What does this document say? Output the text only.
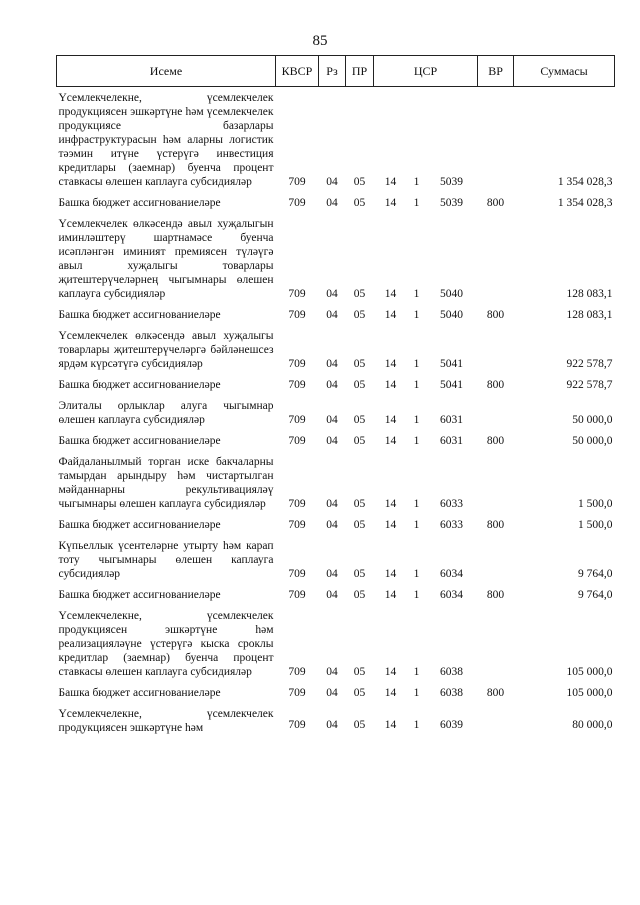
85
Исеме	КВСР	Рз	ПР	ЦСР			ВР	Суммасы
Үсемлекчелекне, үсемлекчелек продукциясен эшкәртүне һәм үсемлекчелек продукциясе базарлары инфраструктурасын һәм аларны логистик тәэмин итүне үстерүгә инвестиция кредитлары (заемнар) буенча процент ставкасы өлешен каплауга субсидияләр	709	04	05	14	1	5039		1 354 028,3
Башка бюджет ассигнованиеләре	709	04	05	14	1	5039	800	1 354 028,3
Үсемлекчелек өлкәсендә авыл хуҗалыгын иминләштерү шартнамәсе буенча исәпләнгән иминият премиясен түләүгә авыл хуҗалыгы товарлары җитештерүчеләрнең чыгымнары өлешен каплауга субсидияләр	709	04	05	14	1	5040		128 083,1
Башка бюджет ассигнованиеләре	709	04	05	14	1	5040	800	128 083,1
Үсемлекчелек өлкәсендә авыл хуҗалыгы товарлары җитештерүчеләргә бәйләнешсез ярдәм күрсәтүгә субсидияләр	709	04	05	14	1	5041		922 578,7
Башка бюджет ассигнованиеләре	709	04	05	14	1	5041	800	922 578,7
Элиталы орлыклар алуга чыгымнар өлешен каплауга субсидияләр	709	04	05	14	1	6031		50 000,0
Башка бюджет ассигнованиеләре	709	04	05	14	1	6031	800	50 000,0
Файдаланылмый торган иске бакчаларны тамырдан арындыру һәм чистартылган мәйданнарны рекультивацияләү чыгымнары өлешен каплауга субсидияләр	709	04	05	14	1	6033		1 500,0
Башка бюджет ассигнованиеләре	709	04	05	14	1	6033	800	1 500,0
Күпьеллык үсентеләрне утырту һәм карап тоту чыгымнары өлешен каплауга субсидияләр	709	04	05	14	1	6034		9 764,0
Башка бюджет ассигнованиеләре	709	04	05	14	1	6034	800	9 764,0
Үсемлекчелекне, үсемлекчелек продукциясен эшкәртүне һәм реализацияләүне үстерүгә кыска сроклы кредитлар (заемнар) буенча процент ставкасы өлешен каплауга субсидияләр	709	04	05	14	1	6038		105 000,0
Башка бюджет ассигнованиеләре	709	04	05	14	1	6038	800	105 000,0
Үсемлекчелекне, үсемлекчелек продукциясен эшкәртүне һәм	709	04	05	14	1	6039		80 000,0
